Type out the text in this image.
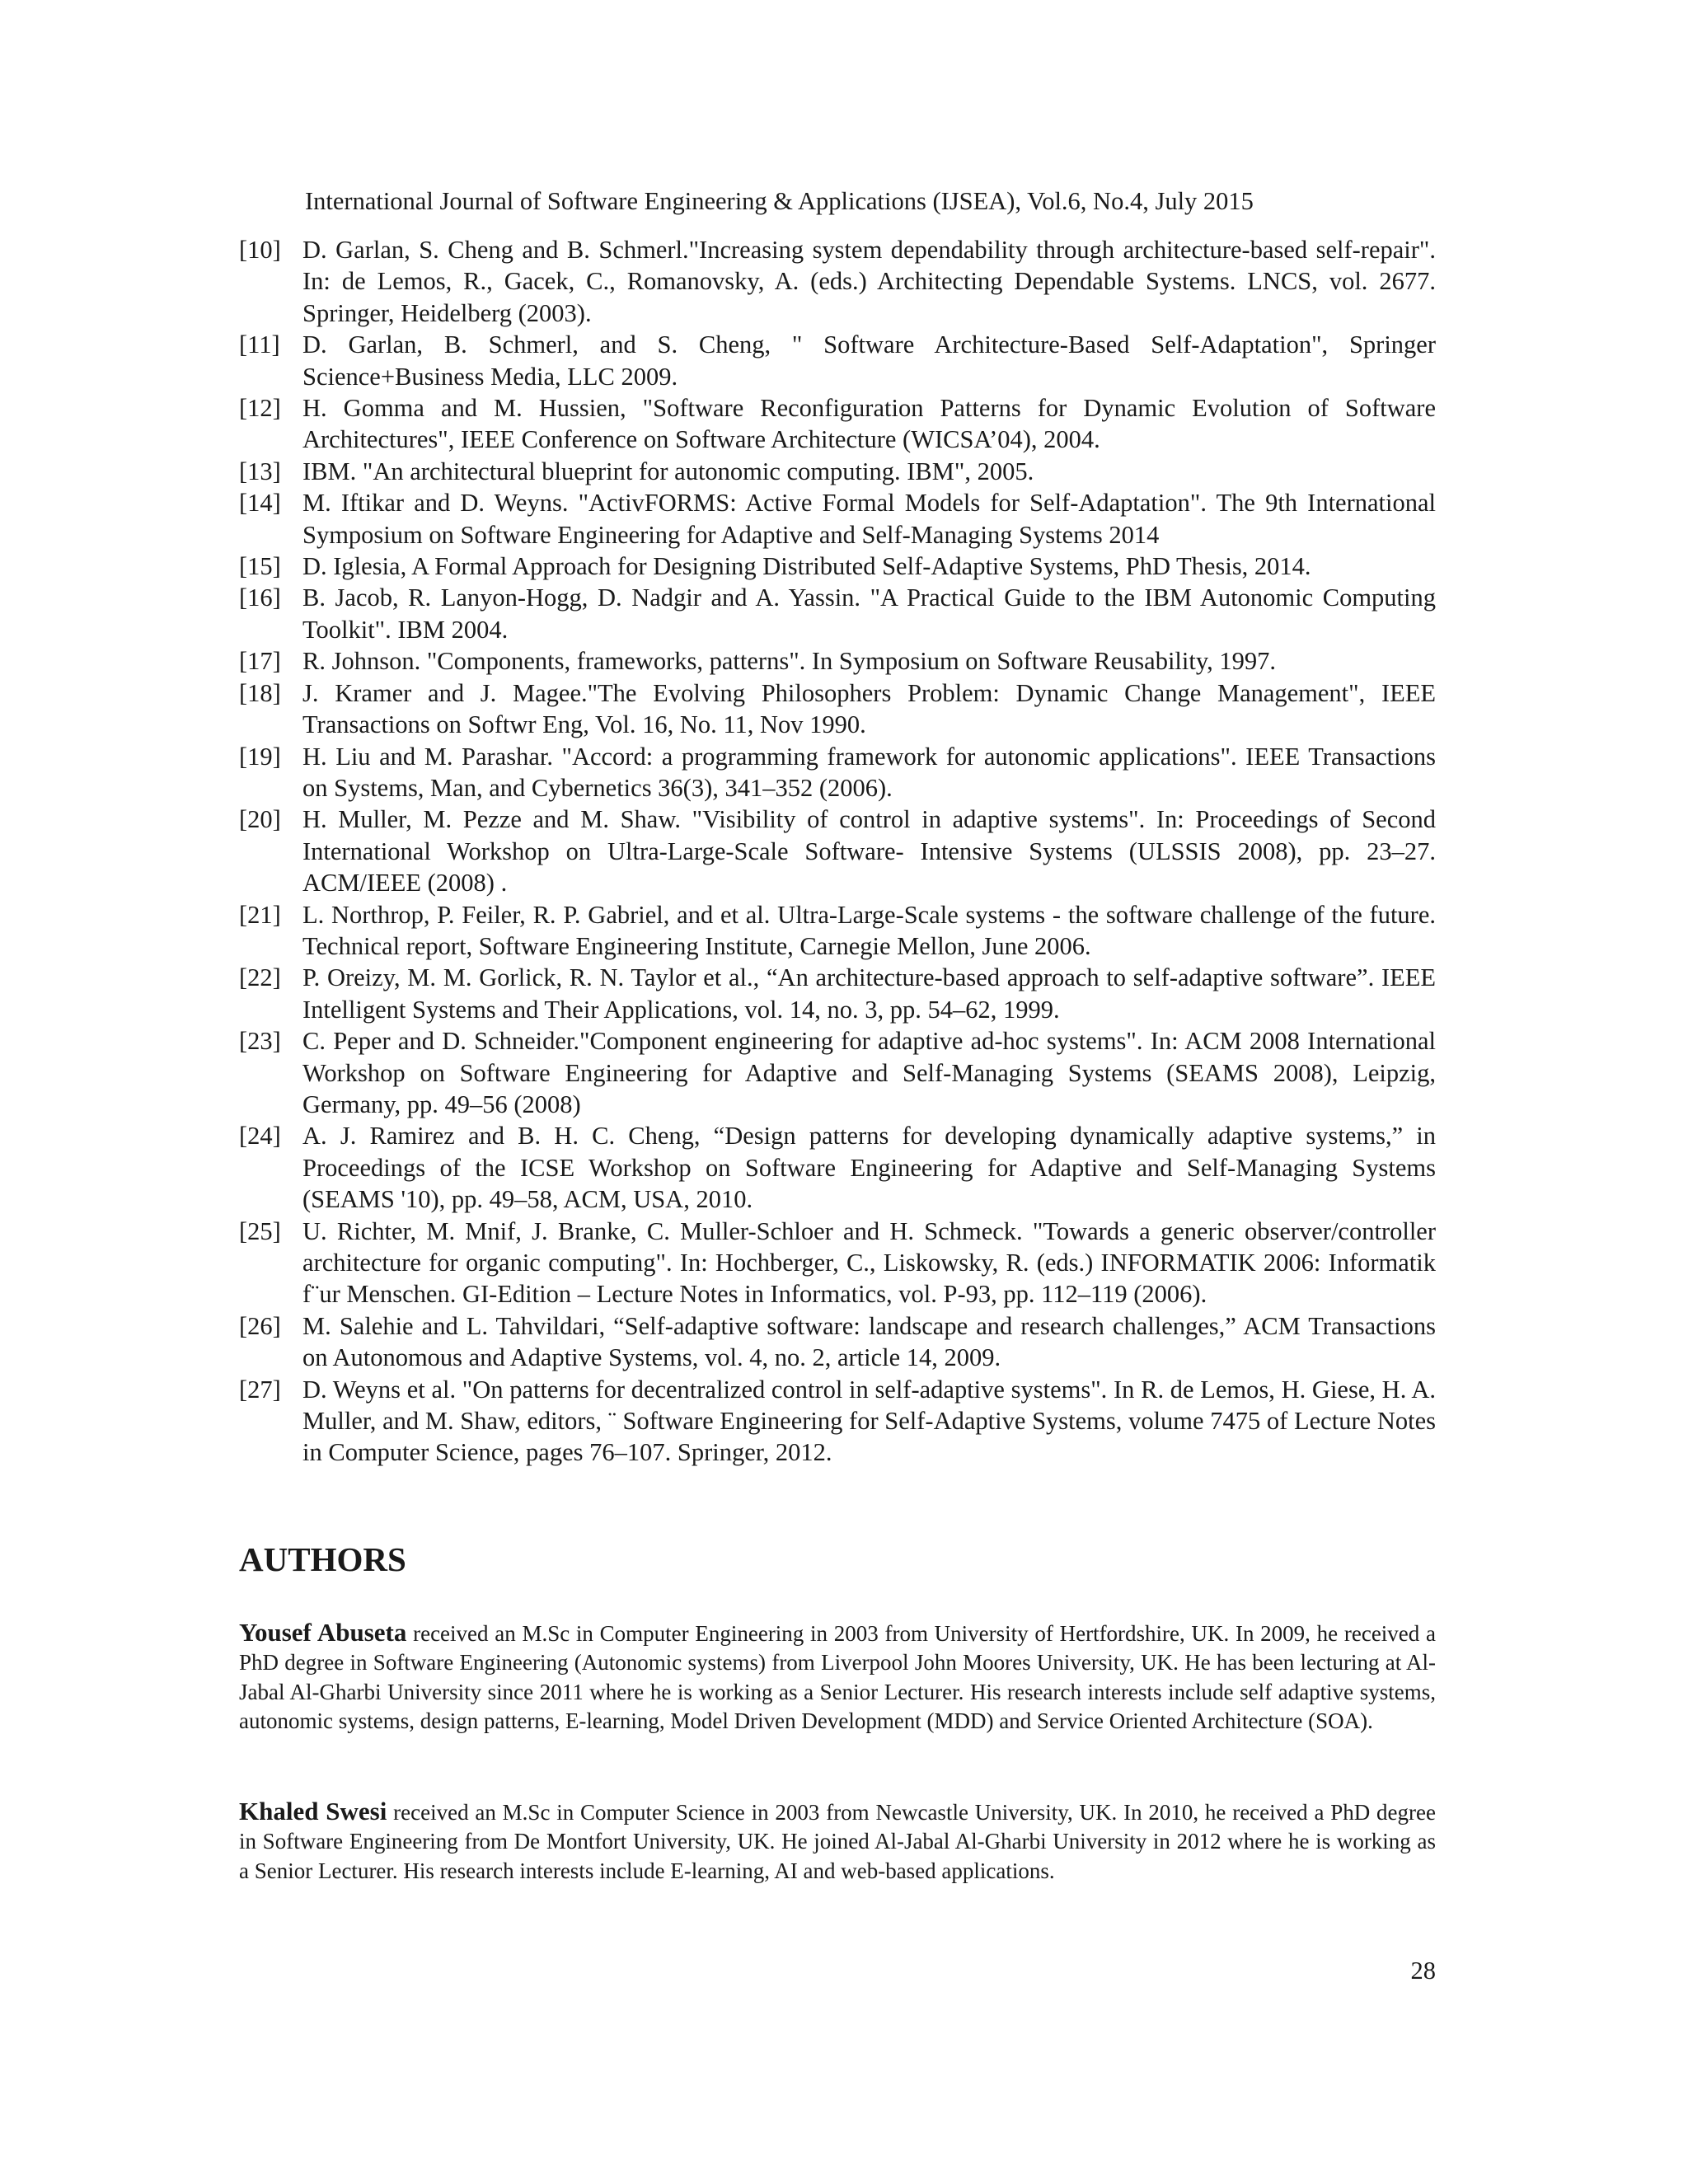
International Journal of Software Engineering & Applications (IJSEA), Vol.6, No.4, July 2015
[10] D. Garlan, S. Cheng and B. Schmerl."Increasing system dependability through architecture-based self-repair". In: de Lemos, R., Gacek, C., Romanovsky, A. (eds.) Architecting Dependable Systems. LNCS, vol. 2677. Springer, Heidelberg (2003).
[11] D. Garlan, B. Schmerl, and S. Cheng, " Software Architecture-Based Self-Adaptation", Springer Science+Business Media, LLC 2009.
[12] H. Gomma and M. Hussien, "Software Reconfiguration Patterns for Dynamic Evolution of Software Architectures", IEEE Conference on Software Architecture (WICSA’04), 2004.
[13] IBM. "An architectural blueprint for autonomic computing. IBM", 2005.
[14] M. Iftikar and D. Weyns. "ActivFORMS: Active Formal Models for Self-Adaptation". The 9th International Symposium on Software Engineering for Adaptive and Self-Managing Systems 2014
[15] D. Iglesia, A Formal Approach for Designing Distributed Self-Adaptive Systems, PhD Thesis, 2014.
[16] B. Jacob, R. Lanyon-Hogg, D. Nadgir and A. Yassin. "A Practical Guide to the IBM Autonomic Computing Toolkit". IBM 2004.
[17] R. Johnson. "Components, frameworks, patterns". In Symposium on Software Reusability, 1997.
[18] J. Kramer and J. Magee."The Evolving Philosophers Problem: Dynamic Change Management", IEEE Transactions on Softwr Eng, Vol. 16, No. 11, Nov 1990.
[19] H. Liu and M. Parashar. "Accord: a programming framework for autonomic applications". IEEE Transactions on Systems, Man, and Cybernetics 36(3), 341–352 (2006).
[20] H. Muller, M. Pezze and M. Shaw. "Visibility of control in adaptive systems". In: Proceedings of Second International Workshop on Ultra-Large-Scale Software- Intensive Systems (ULSSIS 2008), pp. 23–27. ACM/IEEE (2008) .
[21] L. Northrop, P. Feiler, R. P. Gabriel, and et al. Ultra-Large-Scale systems - the software challenge of the future. Technical report, Software Engineering Institute, Carnegie Mellon, June 2006.
[22] P. Oreizy, M. M. Gorlick, R. N. Taylor et al., “An architecture-based approach to self-adaptive software”. IEEE Intelligent Systems and Their Applications, vol. 14, no. 3, pp. 54–62, 1999.
[23] C. Peper and D. Schneider."Component engineering for adaptive ad-hoc systems". In: ACM 2008 International Workshop on Software Engineering for Adaptive and Self-Managing Systems (SEAMS 2008), Leipzig, Germany, pp. 49–56 (2008)
[24] A. J. Ramirez and B. H. C. Cheng, “Design patterns for developing dynamically adaptive systems,” in Proceedings of the ICSE Workshop on Software Engineering for Adaptive and Self-Managing Systems (SEAMS '10), pp. 49–58, ACM, USA, 2010.
[25] U. Richter, M. Mnif, J. Branke, C. Muller-Schloer and H. Schmeck. "Towards a generic observer/controller architecture for organic computing". In: Hochberger, C., Liskowsky, R. (eds.) INFORMATIK 2006: Informatik f¨ur Menschen. GI-Edition – Lecture Notes in Informatics, vol. P-93, pp. 112–119 (2006).
[26] M. Salehie and L. Tahvildari, “Self-adaptive software: landscape and research challenges,” ACM Transactions on Autonomous and Adaptive Systems, vol. 4, no. 2, article 14, 2009.
[27] D. Weyns et al. "On patterns for decentralized control in self-adaptive systems". In R. de Lemos, H. Giese, H. A. Muller, and M. Shaw, editors, ¨ Software Engineering for Self-Adaptive Systems, volume 7475 of Lecture Notes in Computer Science, pages 76–107. Springer, 2012.
AUTHORS

Yousef Abuseta received an M.Sc in Computer Engineering in 2003 from University of Hertfordshire, UK. In 2009, he received a PhD degree in Software Engineering (Autonomic systems) from Liverpool John Moores University, UK. He has been lecturing at Al-Jabal Al-Gharbi University since 2011 where he is working as a Senior Lecturer. His research interests include self adaptive systems, autonomic systems, design patterns, E-learning, Model Driven Development (MDD) and Service Oriented Architecture (SOA).

Khaled Swesi received an M.Sc in Computer Science in 2003 from Newcastle University, UK. In 2010, he received a PhD degree in Software Engineering from De Montfort University, UK. He joined Al-Jabal Al-Gharbi University in 2012 where he is working as a Senior Lecturer. His research interests include E-learning, AI and web-based applications.

28
